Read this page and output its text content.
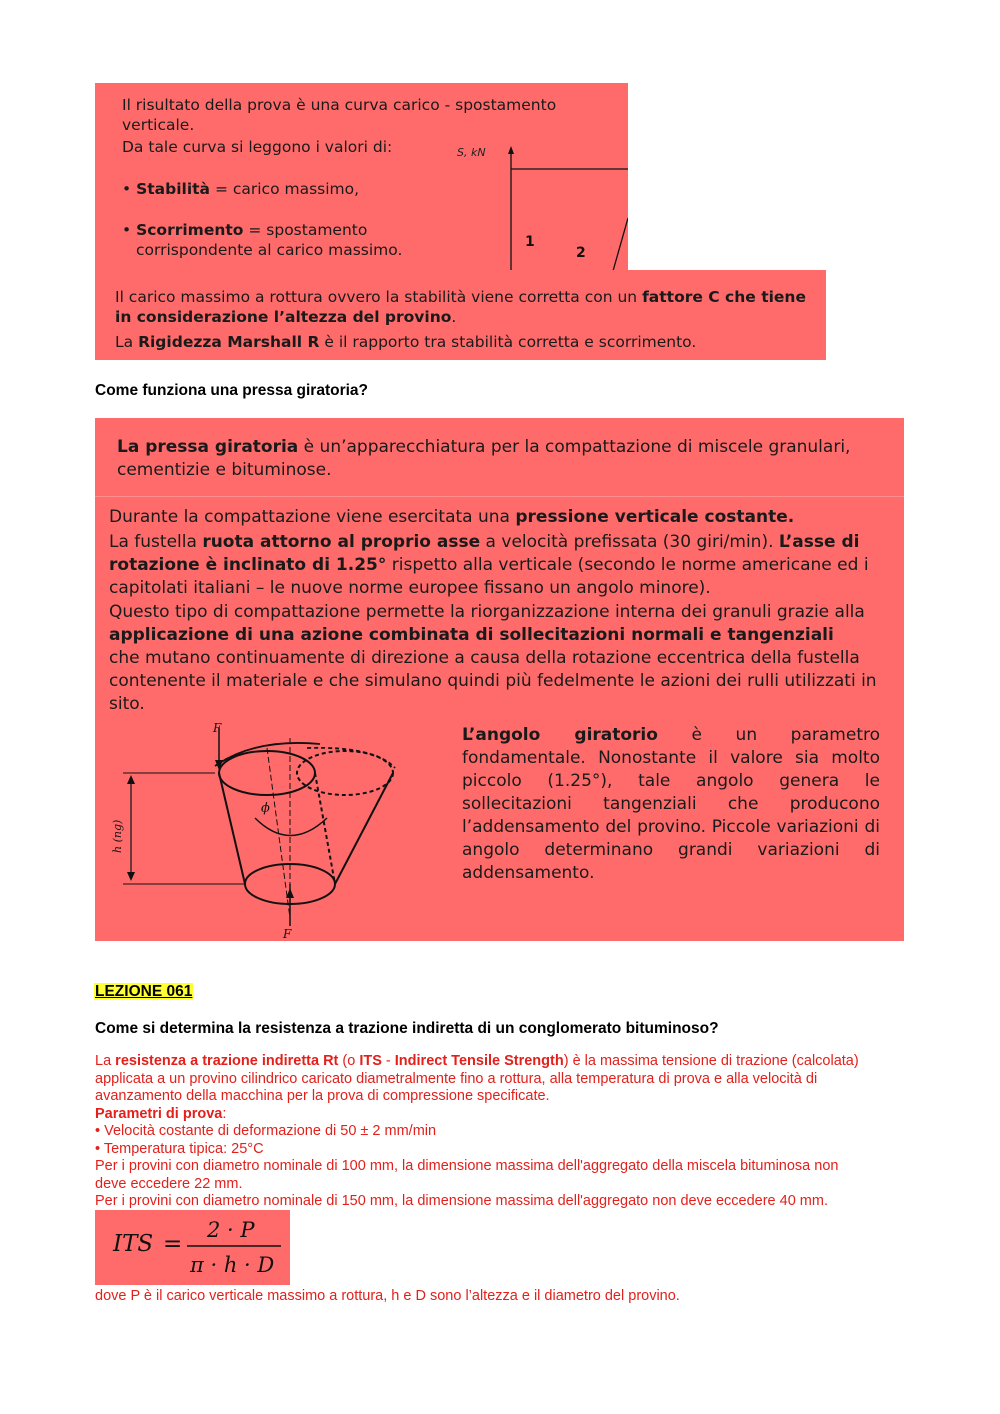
Il risultato della prova è una curva carico - spostamento verticale.
Da tale curva si leggono i valori di:
• Stabilità = carico massimo,
• Scorrimento = spostamento
corrispondente al carico massimo.
S, kN
1
2
Il carico massimo a rottura ovvero la stabilità viene corretta con un fattore C che tiene
in considerazione l’altezza del provino.
La Rigidezza Marshall R è il rapporto tra stabilità corretta e scorrimento.
Come funziona una pressa giratoria?
La pressa giratoria è un’apparecchiatura per la compattazione di miscele granulari,
cementizie e bituminose.
Durante la compattazione viene esercitata una pressione verticale costante.
La fustella ruota attorno al proprio asse a velocità prefissata (30 giri/min). L’asse di
rotazione è inclinato di 1.25° rispetto alla verticale (secondo le norme americane ed i
capitolati italiani – le nuove norme europee fissano un angolo minore).
Questo tipo di compattazione permette la riorganizzazione interna dei granuli grazie alla
applicazione di una azione combinata di sollecitazioni normali e tangenziali
che mutano continuamente di direzione a causa della rotazione eccentrica della fustella
contenente il materiale e che simulano quindi più fedelmente le azioni dei rulli utilizzati in
sito.
F
F
ϕ
h (ng)
L’angolo giratorio è un parametro fondamentale. Nonostante il valore sia molto piccolo (1.25°), tale angolo genera le sollecitazioni tangenziali che producono l’addensamento del provino. Piccole variazioni di angolo determinano grandi variazioni di addensamento.
LEZIONE 061
Come si determina la resistenza a trazione indiretta di un conglomerato bituminoso?
La resistenza a trazione indiretta Rt (o ITS - Indirect Tensile Strength) è la massima tensione di trazione (calcolata)
applicata a un provino cilindrico caricato diametralmente fino a rottura, alla temperatura di prova e alla velocità di
avanzamento della macchina per la prova di compressione specificate.
Parametri di prova:
• Velocità costante di deformazione di 50 ± 2 mm/min
• Temperatura tipica: 25°C
Per i provini con diametro nominale di 100 mm, la dimensione massima dell'aggregato della miscela bituminosa non
deve eccedere 22 mm.
Per i provini con diametro nominale di 150 mm, la dimensione massima dell'aggregato non deve eccedere 40 mm.
ITS =
2 · P
π · h · D
dove P è il carico verticale massimo a rottura, h e D sono l’altezza e il diametro del provino.
